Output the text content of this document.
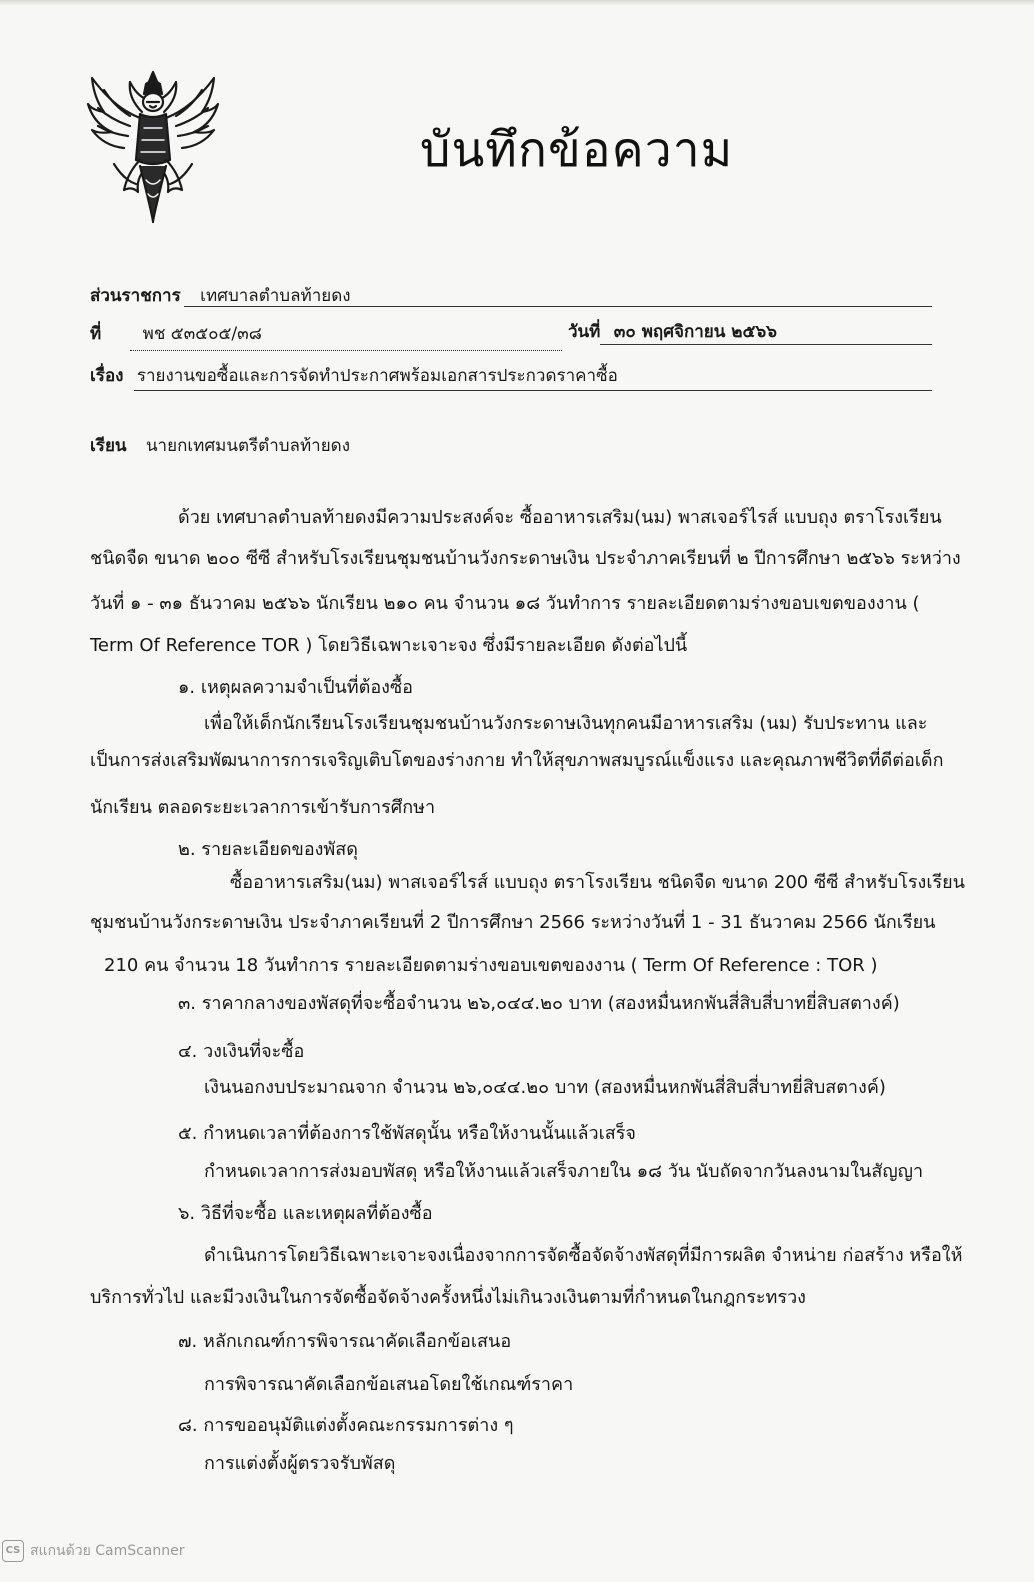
บันทึกข้อความ
ส่วนราชการ เทศบาลตำบลท้ายดง
ที่ พช ๕๓๕๐๕/๓๘	วันที่ ๓๐ พฤศจิกายน ๒๕๖๖
เรื่อง รายงานขอซื้อและการจัดทำประกาศพร้อมเอกสารประกวดราคาซื้อ
เรียน นายกเทศมนตรีตำบลท้ายดง
ด้วย เทศบาลตำบลท้ายดงมีความประสงค์จะ ซื้ออาหารเสริม(นม) พาสเจอร์ไรส์ แบบถุง ตราโรงเรียน
ชนิดจืด ขนาด ๒๐๐ ซีซี สำหรับโรงเรียนชุมชนบ้านวังกระดาษเงิน ประจำภาคเรียนที่ ๒ ปีการศึกษา ๒๕๖๖ ระหว่าง
วันที่ ๑ - ๓๑ ธันวาคม ๒๕๖๖ นักเรียน ๒๑๐ คน จำนวน ๑๘ วันทำการ รายละเอียดตามร่างขอบเขตของงาน (
Term Of Reference TOR ) โดยวิธีเฉพาะเจาะจง ซึ่งมีรายละเอียด ดังต่อไปนี้
๑. เหตุผลความจำเป็นที่ต้องซื้อ
เพื่อให้เด็กนักเรียนโรงเรียนชุมชนบ้านวังกระดาษเงินทุกคนมีอาหารเสริม (นม) รับประทาน และ
เป็นการส่งเสริมพัฒนาการการเจริญเติบโตของร่างกาย ทำให้สุขภาพสมบูรณ์แข็งแรง และคุณภาพชีวิตที่ดีต่อเด็ก
นักเรียน ตลอดระยะเวลาการเข้ารับการศึกษา
๒. รายละเอียดของพัสดุ
ซื้ออาหารเสริม(นม) พาสเจอร์ไรส์ แบบถุง ตราโรงเรียน ชนิดจืด ขนาด 200 ซีซี สำหรับโรงเรียน
ชุมชนบ้านวังกระดาษเงิน ประจำภาคเรียนที่ 2 ปีการศึกษา 2566 ระหว่างวันที่ 1 - 31 ธันวาคม 2566 นักเรียน
210 คน จำนวน 18 วันทำการ รายละเอียดตามร่างขอบเขตของงาน ( Term Of Reference : TOR )
๓. ราคากลางของพัสดุที่จะซื้อจำนวน ๒๖,๐๔๔.๒๐ บาท (สองหมื่นหกพันสี่สิบสี่บาทยี่สิบสตางค์)
๔. วงเงินที่จะซื้อ
เงินนอกงบประมาณจาก จำนวน ๒๖,๐๔๔.๒๐ บาท (สองหมื่นหกพันสี่สิบสี่บาทยี่สิบสตางค์)
๕. กำหนดเวลาที่ต้องการใช้พัสดุนั้น หรือให้งานนั้นแล้วเสร็จ
กำหนดเวลาการส่งมอบพัสดุ หรือให้งานแล้วเสร็จภายใน ๑๘ วัน นับถัดจากวันลงนามในสัญญา
๖. วิธีที่จะซื้อ และเหตุผลที่ต้องซื้อ
ดำเนินการโดยวิธีเฉพาะเจาะจงเนื่องจากการจัดซื้อจัดจ้างพัสดุที่มีการผลิต จำหน่าย ก่อสร้าง หรือให้
บริการทั่วไป และมีวงเงินในการจัดซื้อจัดจ้างครั้งหนึ่งไม่เกินวงเงินตามที่กำหนดในกฎกระทรวง
๗. หลักเกณฑ์การพิจารณาคัดเลือกข้อเสนอ
การพิจารณาคัดเลือกข้อเสนอโดยใช้เกณฑ์ราคา
๘. การขออนุมัติแต่งตั้งคณะกรรมการต่าง ๆ
การแต่งตั้งผู้ตรวจรับพัสดุ
CS สแกนด้วย CamScanner
